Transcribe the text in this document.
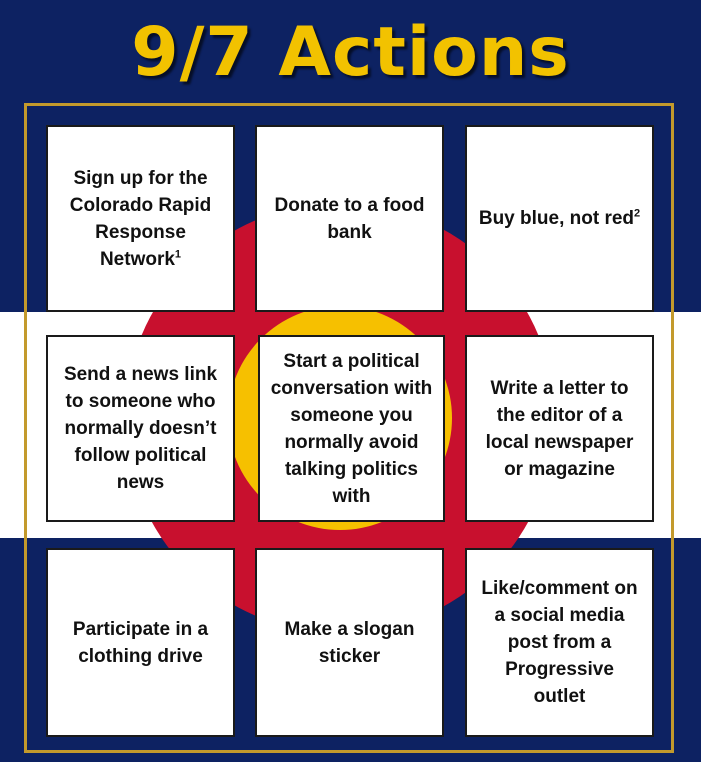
9/7 Actions
Sign up for the Colorado Rapid Response Network$^1$
Donate to a food bank
Buy blue, not red$^2$
Send a news link to someone who normally doesn’t follow political news
Start a political conversation with someone you normally avoid talking politics with
Write a letter to the editor of a local newspaper or magazine
Participate in a clothing drive
Make a slogan sticker
Like/comment on a social media post from a Progressive outlet
